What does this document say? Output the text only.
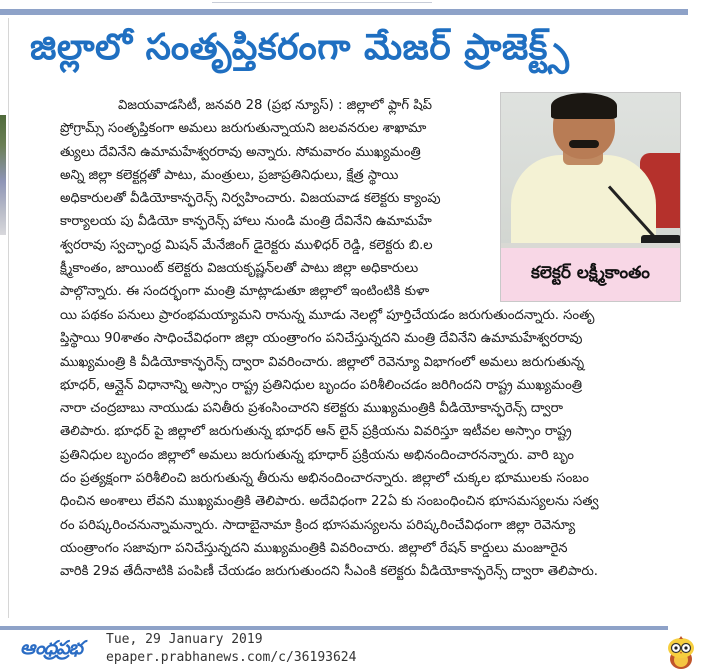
జిల్లాలో సంతృప్తికరంగా మేజర్ ప్రాజెక్ట్స్
విజయవాడసిటీ, జనవరి 28 (ప్రభ న్యూస్) : జిల్లాలో ఫ్లాగ్ షిప్
ప్రోగ్రామ్స్ సంతృప్తికంగా అమలు జరుగుతున్నాయని జలవనరుల శాఖామా
త్యులు దేవినేని ఉమామహేశ్వరరావు అన్నారు. సోమవారం ముఖ్యమంత్రి
అన్ని జిల్లా కలెక్టర్లతో పాటు, మంత్రులు, ప్రజాప్రతినిధులు, క్షేత్ర స్థాయి
అధికారులతో వీడియోకాన్ఫరెన్స్ నిర్వహించారు. విజయవాడ కలెక్టరు క్యాంపు
కార్యాలయ పు వీడియో కాన్ఫరెన్స్ హాలు నుండి మంత్రి దేవినేని ఉమామహే
శ్వరరావు స్వచ్ఛాంధ్ర మిషన్ మేనేజింగ్ డైరెక్టరు ముళిధర్ రెడ్డి, కలెక్టరు బి.ల
క్ష్మీకాంతం, జాయింట్ కలెక్టరు విజయకృష్ణన్‌లతో పాటు జిల్లా అధికారులు
పాల్గొన్నారు. ఈ సందర్భంగా మంత్రి మాట్లాడుతూ జిల్లాలో ఇంటింటికి కుళా
కలెక్టర్ లక్ష్మీకాంతం
యి పథకం పనులు ప్రారంభమయ్యామని రానున్న మూడు నెలల్లో పూర్తిచేయడం జరుగుతుందన్నారు. సంతృ
ప్తిస్థాయి 90శాతం సాధించేవిధంగా జిల్లా యంత్రాంగం పనిచేస్తున్నదని మంత్రి దేవినేని ఉమామహేశ్వరరావు
ముఖ్యమంత్రి కి వీడియోకాన్ఫరెన్స్ ద్వారా వివరించారు. జిల్లాలో రెవెన్యూ విభాగంలో అమలు జరుగుతున్న
భూధర్, ఆన్లైన్ విధానాన్ని అస్సాం రాష్ట్ర ప్రతినిధుల బృందం పరిశీలించడం జరిగిందని రాష్ట్ర ముఖ్యమంత్రి
నారా చంద్రబాబు నాయుడు పనితీరు ప్రశంసించారని కలెక్టరు ముఖ్యమంత్రికి వీడియోకాన్ఫరెన్స్ ద్వారా
తెలిపారు. భూధర్ పై జిల్లాలో జరుగుతున్న భూధర్ ఆన్ లైన్ ప్రక్రియను వివరిస్తూ ఇటీవల అస్సాం రాష్ట్ర
ప్రతినిధుల బృందం జిల్లాలో అమలు జరుగుతున్న భూధార్ ప్రక్రియను అభినందించారనన్నారు. వారి బృం
దం ప్రత్యక్షంగా పరిశీలించి జరుగుతున్న తీరును అభినందించారన్నారు. జిల్లాలో చుక్కల భూములకు సంబం
ధించిన అంశాలు లేవని ముఖ్యమంత్రికి తెలిపారు. అదేవిధంగా 22ఏ కు సంబంధించిన భూసమస్యలను సత్వ
రం పరిష్కరించనున్నామన్నారు. సాదాబైనామా క్రింద భూసమస్యలను పరిష్కరించేవిధంగా జిల్లా రెవెన్యూ
యంత్రాంగం సజావుగా పనిచేస్తున్నదని ముఖ్యమంత్రికి వివరించారు. జిల్లాలో రేషన్ కార్డులు మంజూరైన
వారికి 29వ తేదీనాటికి పంపిణీ చేయడం జరుగుతుందని సీఎంకి కలెక్టరు వీడియోకాన్ఫరెన్స్ ద్వారా తెలిపారు.
ఆంధ్రప్రభ	Tue, 29 January 2019
epaper.prabhanews.com/c/36193624
